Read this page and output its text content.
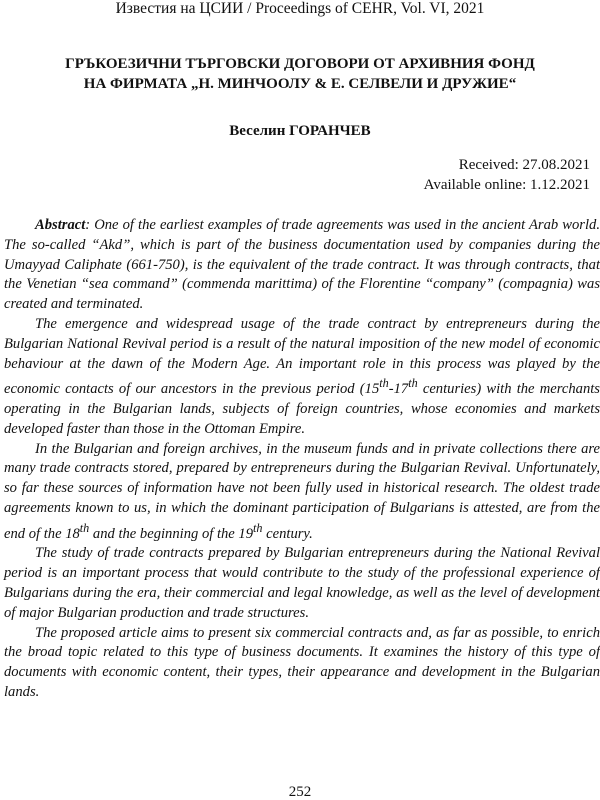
Известия на ЦСИИ / Proceedings of CEHR, Vol. VI, 2021
ГРЪКОЕЗИЧНИ ТЪРГОВСКИ ДОГОВОРИ ОТ АРХИВНИЯ ФОНД
НА ФИРМАТА „Н. МИНЧООЛУ & Е. СЕЛВЕЛИ И ДРУЖИЕ“
Веселин ГОРАНЧЕВ
Received: 27.08.2021
Available online: 1.12.2021

Abstract: One of the earliest examples of trade agreements was used in the ancient Arab world. The so-called “Akd”, which is part of the business documentation used by companies during the Umayyad Caliphate (661-750), is the equivalent of the trade contract. It was through contracts, that the Venetian “sea command” (commenda marittima) of the Florentine “company” (compagnia) was created and terminated.

The emergence and widespread usage of the trade contract by entrepreneurs during the Bulgarian National Revival period is a result of the natural imposition of the new model of economic behaviour at the dawn of the Modern Age. An important role in this process was played by the economic contacts of our ancestors in the previous period (15th-17th centuries) with the merchants operating in the Bulgarian lands, subjects of foreign countries, whose economies and markets developed faster than those in the Ottoman Empire.

In the Bulgarian and foreign archives, in the museum funds and in private collections there are many trade contracts stored, prepared by entrepreneurs during the Bulgarian Revival. Unfortunately, so far these sources of information have not been fully used in historical research. The oldest trade agreements known to us, in which the dominant participation of Bulgarians is attested, are from the end of the 18th and the beginning of the 19th century.

The study of trade contracts prepared by Bulgarian entrepreneurs during the National Revival period is an important process that would contribute to the study of the professional experience of Bulgarians during the era, their commercial and legal knowledge, as well as the level of development of major Bulgarian production and trade structures.

The proposed article aims to present six commercial contracts and, as far as possible, to enrich the broad topic related to this type of business documents. It examines the history of this type of documents with economic content, their types, their appearance and development in the Bulgarian lands.

252
